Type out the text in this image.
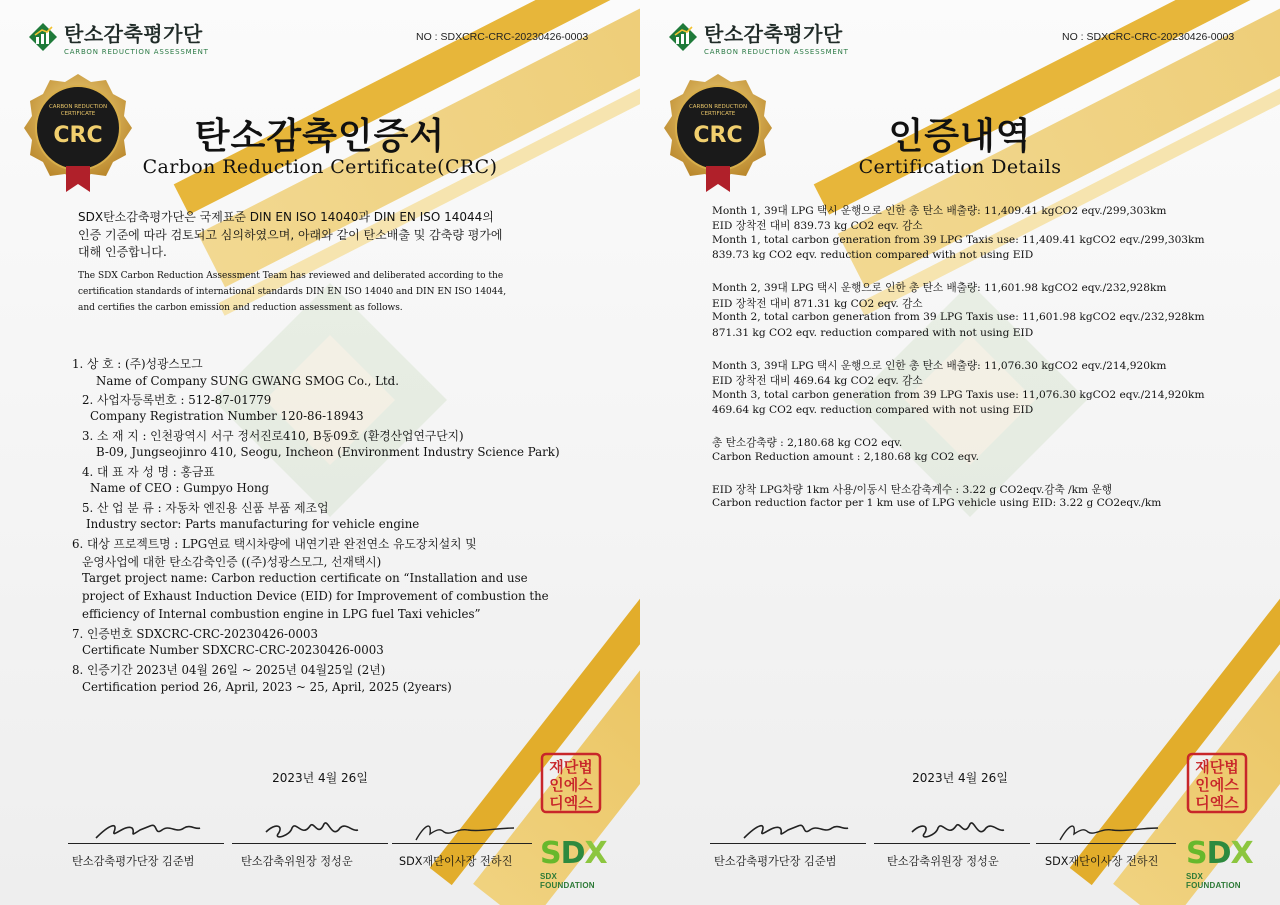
탄소감축평가단
CARBON REDUCTION ASSESSMENT
NO : SDXCRC-CRC-20230426-0003
CARBON REDUCTION
CERTIFICATE
CRC	탄소감축인증서
Carbon Reduction Certificate(CRC)
SDX탄소감축평가단은 국제표준 DIN EN ISO 14040과 DIN EN ISO 14044의
인증 기준에 따라 검토되고 심의하였으며, 아래와 같이 탄소배출 및 감축량 평가에
대해 인증합니다.
The SDX Carbon Reduction Assessment Team has reviewed and deliberated according to the
certification standards of international standards DIN EN ISO 14040 and DIN EN ISO 14044,
and certifies the carbon emission and reduction assessment as follows.
1. 상 호 : (주)성광스모그
Name of Company SUNG GWANG SMOG Co., Ltd.
2. 사업자등록번호 : 512-87-01779
Company Registration Number 120-86-18943
3. 소 재 지 : 인천광역시 서구 정서진로410, B동09호 (환경산업연구단지)
B-09, Jungseojinro 410, Seogu, Incheon (Environment Industry Science Park)
4. 대 표 자 성 명 : 홍금표
Name of CEO : Gumpyo Hong
5. 산 업 분 류 : 자동차 엔진용 신품 부품 제조업
Industry sector: Parts manufacturing for vehicle engine
6. 대상 프로젝트명 : LPG연료 택시차량에 내연기관 완전연소 유도장치설치 및
운영사업에 대한 탄소감축인증 ((주)성광스모그, 선재택시)
Target project name: Carbon reduction certificate on “Installation and use
project of Exhaust Induction Device (EID) for Improvement of combustion the
efficiency of Internal combustion engine in LPG fuel Taxi vehicles”
7. 인증번호 SDXCRC-CRC-20230426-0003
Certificate Number SDXCRC-CRC-20230426-0003
8. 인증기간 2023년 04월 26일 ~ 2025년 04월25일 (2년)
Certification period 26, April, 2023 ~ 25, April, 2025 (2years)
2023년 4월 26일
탄소감축평가단장 김준범	탄소감축위원장 정성운	SDX재단이사장 전하진
재단법
인에스
디엑스
S D X
SDX FOUNDATION
탄소감축평가단
CARBON REDUCTION ASSESSMENT
NO : SDXCRC-CRC-20230426-0003
CARBON REDUCTION
CERTIFICATE
CRC	인증내역
Certification Details
Month 1, 39대 LPG 택시 운행으로 인한 총 탄소 배출량: 11,409.41 kgCO2 eqv./299,303km
EID 장착전 대비 839.73 kg CO2 eqv. 감소
Month 1, total carbon generation from 39 LPG Taxis use: 11,409.41 kgCO2 eqv./299,303km
839.73 kg CO2 eqv. reduction compared with not using EID
Month 2, 39대 LPG 택시 운행으로 인한 총 탄소 배출량: 11,601.98 kgCO2 eqv./232,928km
EID 장착전 대비 871.31 kg CO2 eqv. 감소
Month 2, total carbon generation from 39 LPG Taxis use: 11,601.98 kgCO2 eqv./232,928km
871.31 kg CO2 eqv. reduction compared with not using EID
Month 3, 39대 LPG 택시 운행으로 인한 총 탄소 배출량: 11,076.30 kgCO2 eqv./214,920km
EID 장착전 대비 469.64 kg CO2 eqv. 감소
Month 3, total carbon generation from 39 LPG Taxis use: 11,076.30 kgCO2 eqv./214,920km
469.64 kg CO2 eqv. reduction compared with not using EID
총 탄소감축량 : 2,180.68 kg CO2 eqv.
Carbon Reduction amount : 2,180.68 kg CO2 eqv.
EID 장착 LPG차량 1km 사용/이동시 탄소감축계수 : 3.22 g CO2eqv.감축 /km 운행
Carbon reduction factor per 1 km use of LPG vehicle using EID: 3.22 g CO2eqv./km
2023년 4월 26일
탄소감축평가단장 김준범	탄소감축위원장 정성운	SDX재단이사장 전하진
재단법
인에스
디엑스
S D X
SDX FOUNDATION
